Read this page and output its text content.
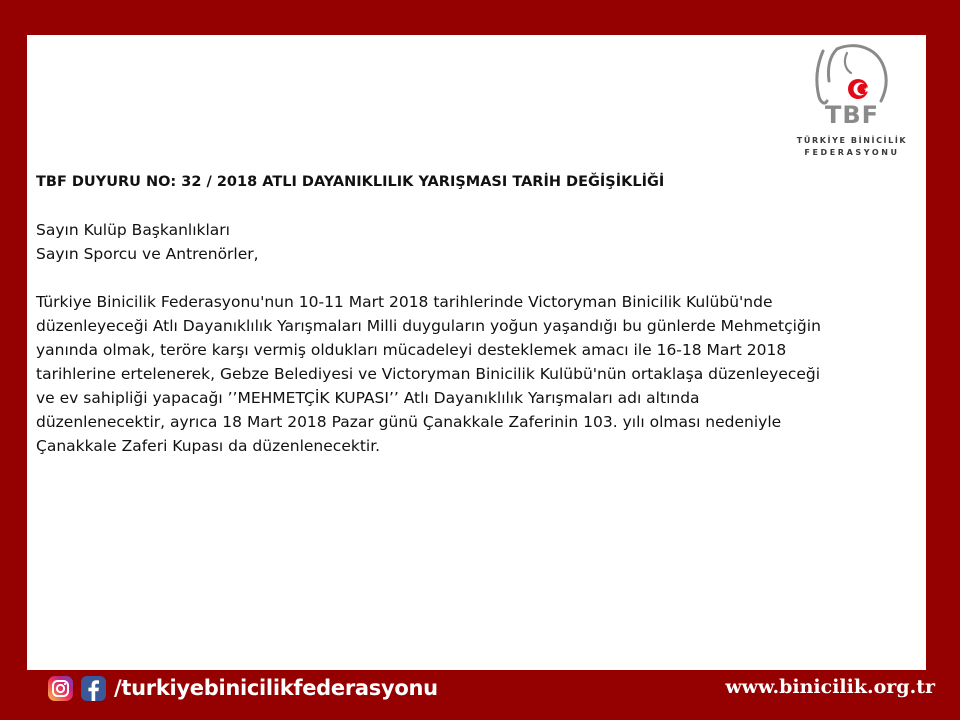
TBF
TÜRKİYE BİNİCİLİK
FEDERASYONU

TBF DUYURU NO: 32 / 2018 ATLI DAYANIKLILIK YARIŞMASI TARİH DEĞİŞİKLİĞİ

Sayın Kulüp Başkanlıkları

Sayın Sporcu ve Antrenörler,

Türkiye Binicilik Federasyonu'nun 10-11 Mart 2018 tarihlerinde Victoryman Binicilik Kulübü'nde

düzenleyeceği Atlı Dayanıklılık Yarışmaları Milli duyguların yoğun yaşandığı bu günlerde Mehmetçiğin

yanında olmak, teröre karşı vermiş oldukları mücadeleyi desteklemek amacı ile 16-18 Mart 2018

tarihlerine ertelenerek, Gebze Belediyesi ve Victoryman Binicilik Kulübü'nün ortaklaşa düzenleyeceği

ve ev sahipliği yapacağı ’’MEHMETÇİK KUPASI’’ Atlı Dayanıklılık Yarışmaları adı altında

düzenlenecektir, ayrıca 18 Mart 2018 Pazar günü Çanakkale Zaferinin 103. yılı olması nedeniyle

Çanakkale Zaferi Kupası da düzenlenecektir.

/turkiyebinicilikfederasyonu	www.binicilik.org.tr
